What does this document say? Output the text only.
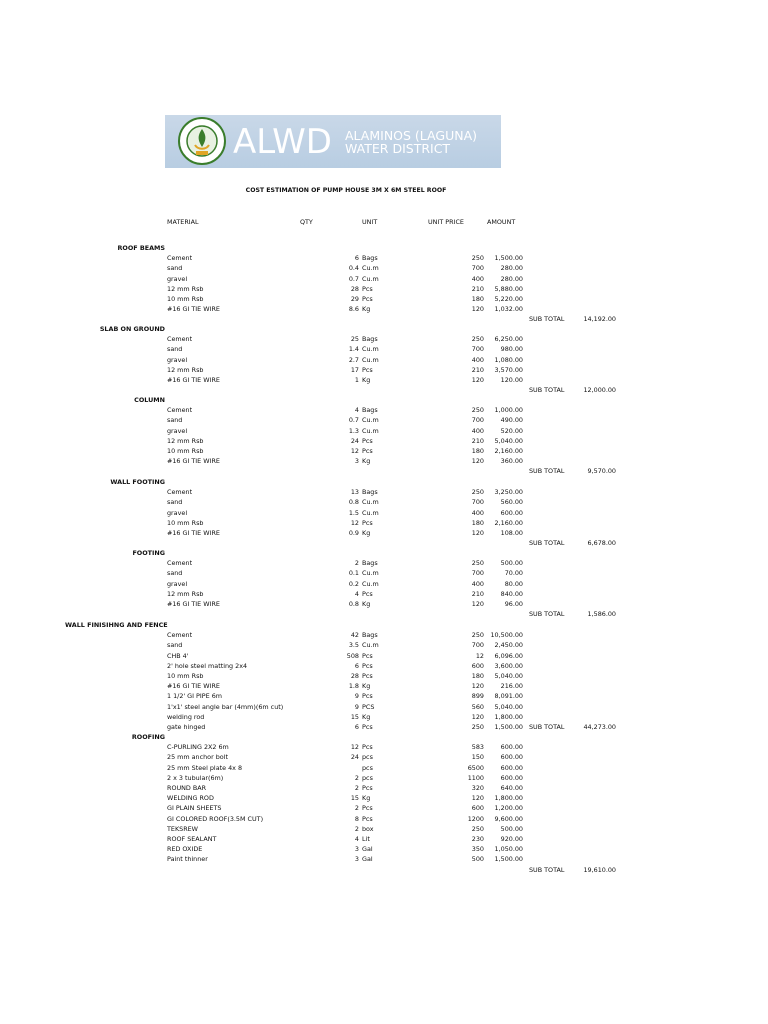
ALWD ALAMINOS (LAGUNA)
WATER DISTRICT
COST ESTIMATION OF PUMP HOUSE 3M X 6M STEEL ROOF
MATERIAL	QTY	UNIT	UNIT PRICE	AMOUNT
ROOF BEAMS
Cement	6 Bags	250 1,500.00
sand	0.4 Cu.m	700	280.00
gravel	0.7 Cu.m	400	280.00
12 mm Rsb	28 Pcs	210 5,880.00
10 mm Rsb	29 Pcs	180 5,220.00
#16 GI TIE WIRE	8.6 Kg	120 1,032.00
SUB TOTAL	14,192.00
SLAB ON GROUND
Cement	25 Bags	250 6,250.00
sand	1.4 Cu.m	700	980.00
gravel	2.7 Cu.m	400 1,080.00
12 mm Rsb	17 Pcs	210 3,570.00
#16 GI TIE WIRE	1 Kg	120	120.00
SUB TOTAL	12,000.00
COLUMN
Cement	4 Bags	250 1,000.00
sand	0.7 Cu.m	700	490.00
gravel	1.3 Cu.m	400	520.00
12 mm Rsb	24 Pcs	210 5,040.00
10 mm Rsb	12 Pcs	180 2,160.00
#16 GI TIE WIRE	3 Kg	120	360.00
SUB TOTAL	9,570.00
WALL FOOTING
Cement	13 Bags	250 3,250.00
sand	0.8 Cu.m	700	560.00
gravel	1.5 Cu.m	400	600.00
10 mm Rsb	12 Pcs	180 2,160.00
#16 GI TIE WIRE	0.9 Kg	120	108.00
SUB TOTAL	6,678.00
FOOTING
Cement	2 Bags	250	500.00
sand	0.1 Cu.m	700	70.00
gravel	0.2 Cu.m	400	80.00
12 mm Rsb	4 Pcs	210	840.00
#16 GI TIE WIRE	0.8 Kg	120	96.00
SUB TOTAL	1,586.00
WALL FINISIHNG AND FENCE
Cement	42 Bags	250 10,500.00
sand	3.5 Cu.m	700 2,450.00
CHB 4'	508 Pcs	12 6,096.00
2' hole steel matting 2x4	6 Pcs	600 3,600.00
10 mm Rsb	28 Pcs	180 5,040.00
#16 GI TIE WIRE	1.8 Kg	120	216.00
1 1/2' GI PIPE 6m	9 Pcs	899 8,091.00
1'x1' steel angle bar (4mm)(6m cut)	9 PCS	560 5,040.00
welding rod	15 Kg	120 1,800.00
gate hinged	6 Pcs	250 1,500.00 SUB TOTAL	44,273.00
ROOFING
C-PURLING 2X2 6m	12 Pcs	583	600.00
25 mm anchor bolt	24 pcs	150	600.00
25 mm Steel plate 4x 8	pcs	6500	600.00
2 x 3 tubular(6m)	2 pcs	1100	600.00
ROUND BAR	2 Pcs	320	640.00
WELDING ROD	15 Kg	120 1,800.00
GI PLAIN SHEETS	2 Pcs	600 1,200.00
GI COLORED ROOF(3.5M CUT)	8 Pcs	1200 9,600.00
TEKSREW	2 box	250	500.00
ROOF SEALANT	4 Lit	230	920.00
RED OXIDE	3 Gal	350 1,050.00
Paint thinner	3 Gal	500 1,500.00
SUB TOTAL	19,610.00
